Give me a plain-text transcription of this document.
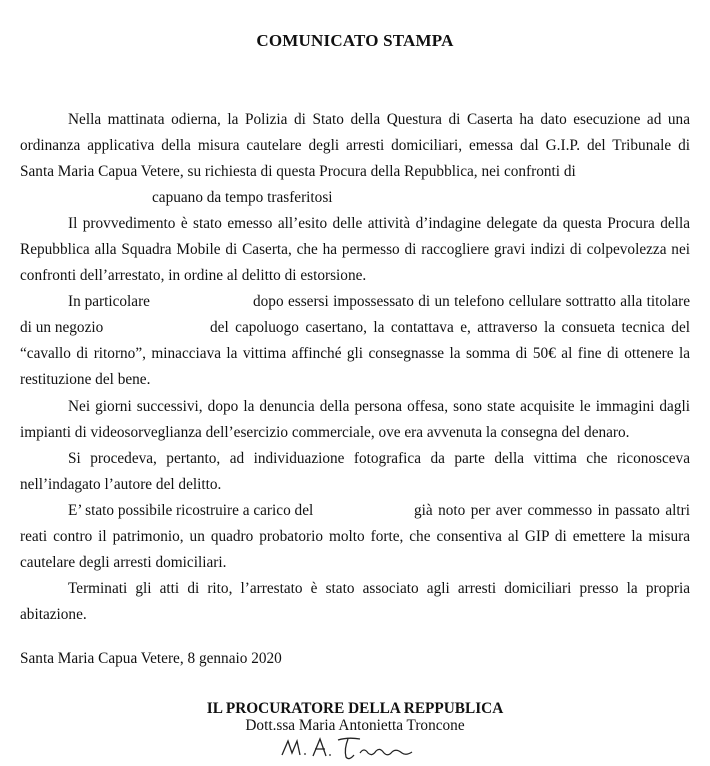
COMUNICATO STAMPA
Nella mattinata odierna, la Polizia di Stato della Questura di Caserta ha dato esecuzione ad una
ordinanza applicativa della misura cautelare degli arresti domiciliari, emessa dal G.I.P. del Tribunale di
Santa Maria Capua Vetere, su richiesta di questa Procura della Repubblica, nei confronti di
capuano da tempo trasferitosi
Il provvedimento è stato emesso all’esito delle attività d’indagine delegate da questa Procura della
Repubblica alla Squadra Mobile di Caserta, che ha permesso di raccogliere gravi indizi di colpevolezza nei
confronti dell’arrestato, in ordine al delitto di estorsione.
In particolare	dopo essersi impossessato di un telefono cellulare sottratto alla titolare
di un negozio	del capoluogo casertano, la contattava e, attraverso la consueta tecnica del
“cavallo di ritorno”, minacciava la vittima affinché gli consegnasse la somma di 50€ al fine di ottenere la
restituzione del bene.
Nei giorni successivi, dopo la denuncia della persona offesa, sono state acquisite le immagini dagli
impianti di videosorveglianza dell’esercizio commerciale, ove era avvenuta la consegna del denaro.
Si procedeva, pertanto, ad individuazione fotografica da parte della vittima che riconosceva
nell’indagato l’autore del delitto.
E’ stato possibile ricostruire a carico del	già noto per aver commesso in passato altri
reati contro il patrimonio, un quadro probatorio molto forte, che consentiva al GIP di emettere la misura
cautelare degli arresti domiciliari.
Terminati gli atti di rito, l’arrestato è stato associato agli arresti domiciliari presso la propria
abitazione.
Santa Maria Capua Vetere, 8 gennaio 2020
IL PROCURATORE DELLA REPPUBLICA
Dott.ssa Maria Antonietta Troncone
